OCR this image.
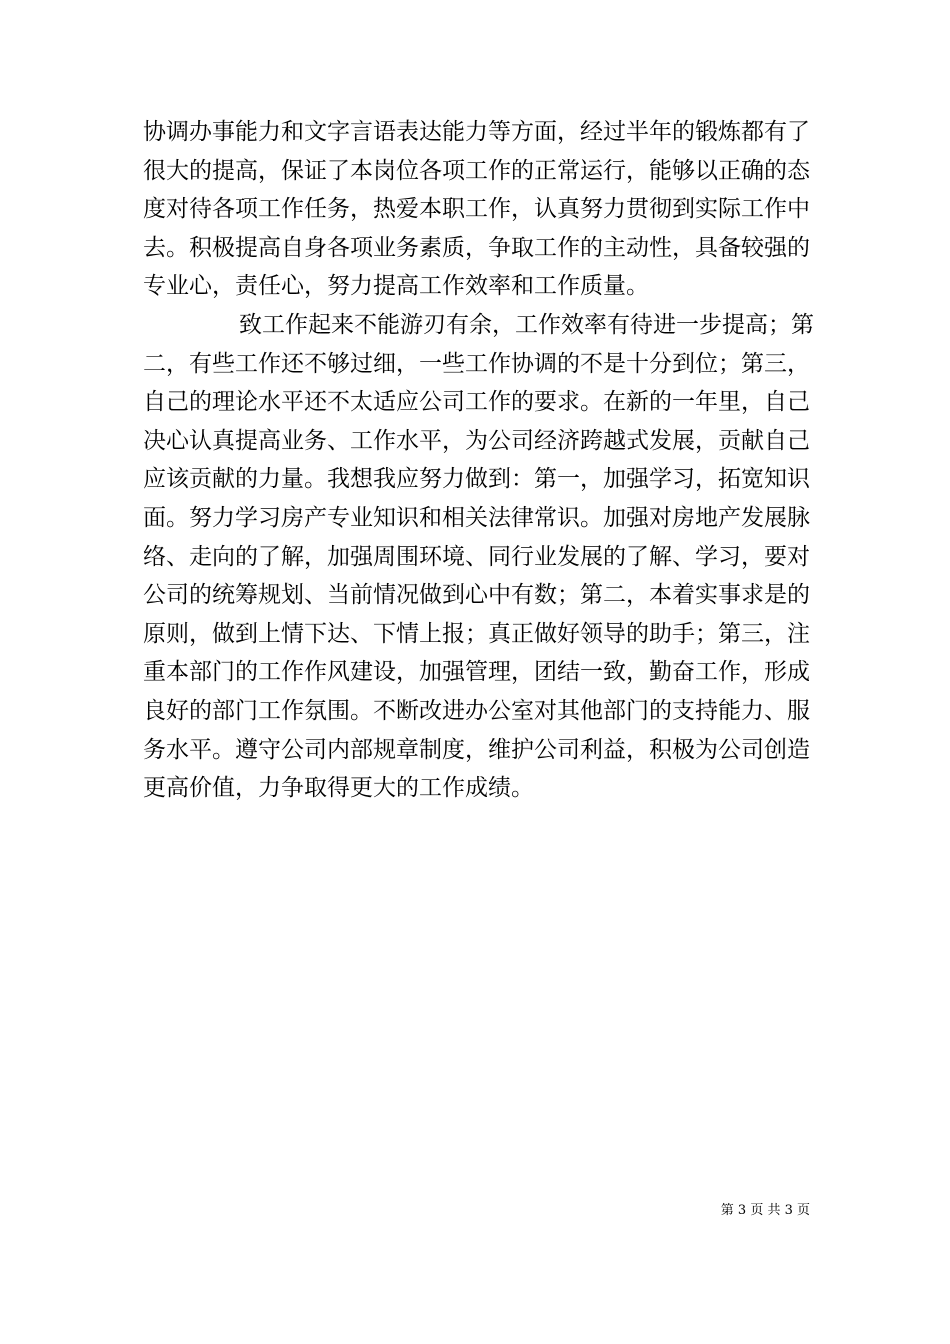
协调办事能力和文字言语表达能力等方面，经过半年的锻炼都有了
很大的提高，保证了本岗位各项工作的正常运行，能够以正确的态
度对待各项工作任务，热爱本职工作，认真努力贯彻到实际工作中
去。积极提高自身各项业务素质，争取工作的主动性，具备较强的
专业心，责任心，努力提高工作效率和工作质量。
致工作起来不能游刃有余，工作效率有待进一步提高；第
二，有些工作还不够过细，一些工作协调的不是十分到位；第三，
自己的理论水平还不太适应公司工作的要求。在新的一年里，自己
决心认真提高业务、工作水平，为公司经济跨越式发展，贡献自己
应该贡献的力量。我想我应努力做到：第一，加强学习，拓宽知识
面。努力学习房产专业知识和相关法律常识。加强对房地产发展脉
络、走向的了解，加强周围环境、同行业发展的了解、学习，要对
公司的统筹规划、当前情况做到心中有数；第二，本着实事求是的
原则，做到上情下达、下情上报；真正做好领导的助手；第三，注
重本部门的工作作风建设，加强管理，团结一致，勤奋工作，形成
良好的部门工作氛围。不断改进办公室对其他部门的支持能力、服
务水平。遵守公司内部规章制度，维护公司利益，积极为公司创造
更高价值，力争取得更大的工作成绩。
第 3 页 共 3 页
